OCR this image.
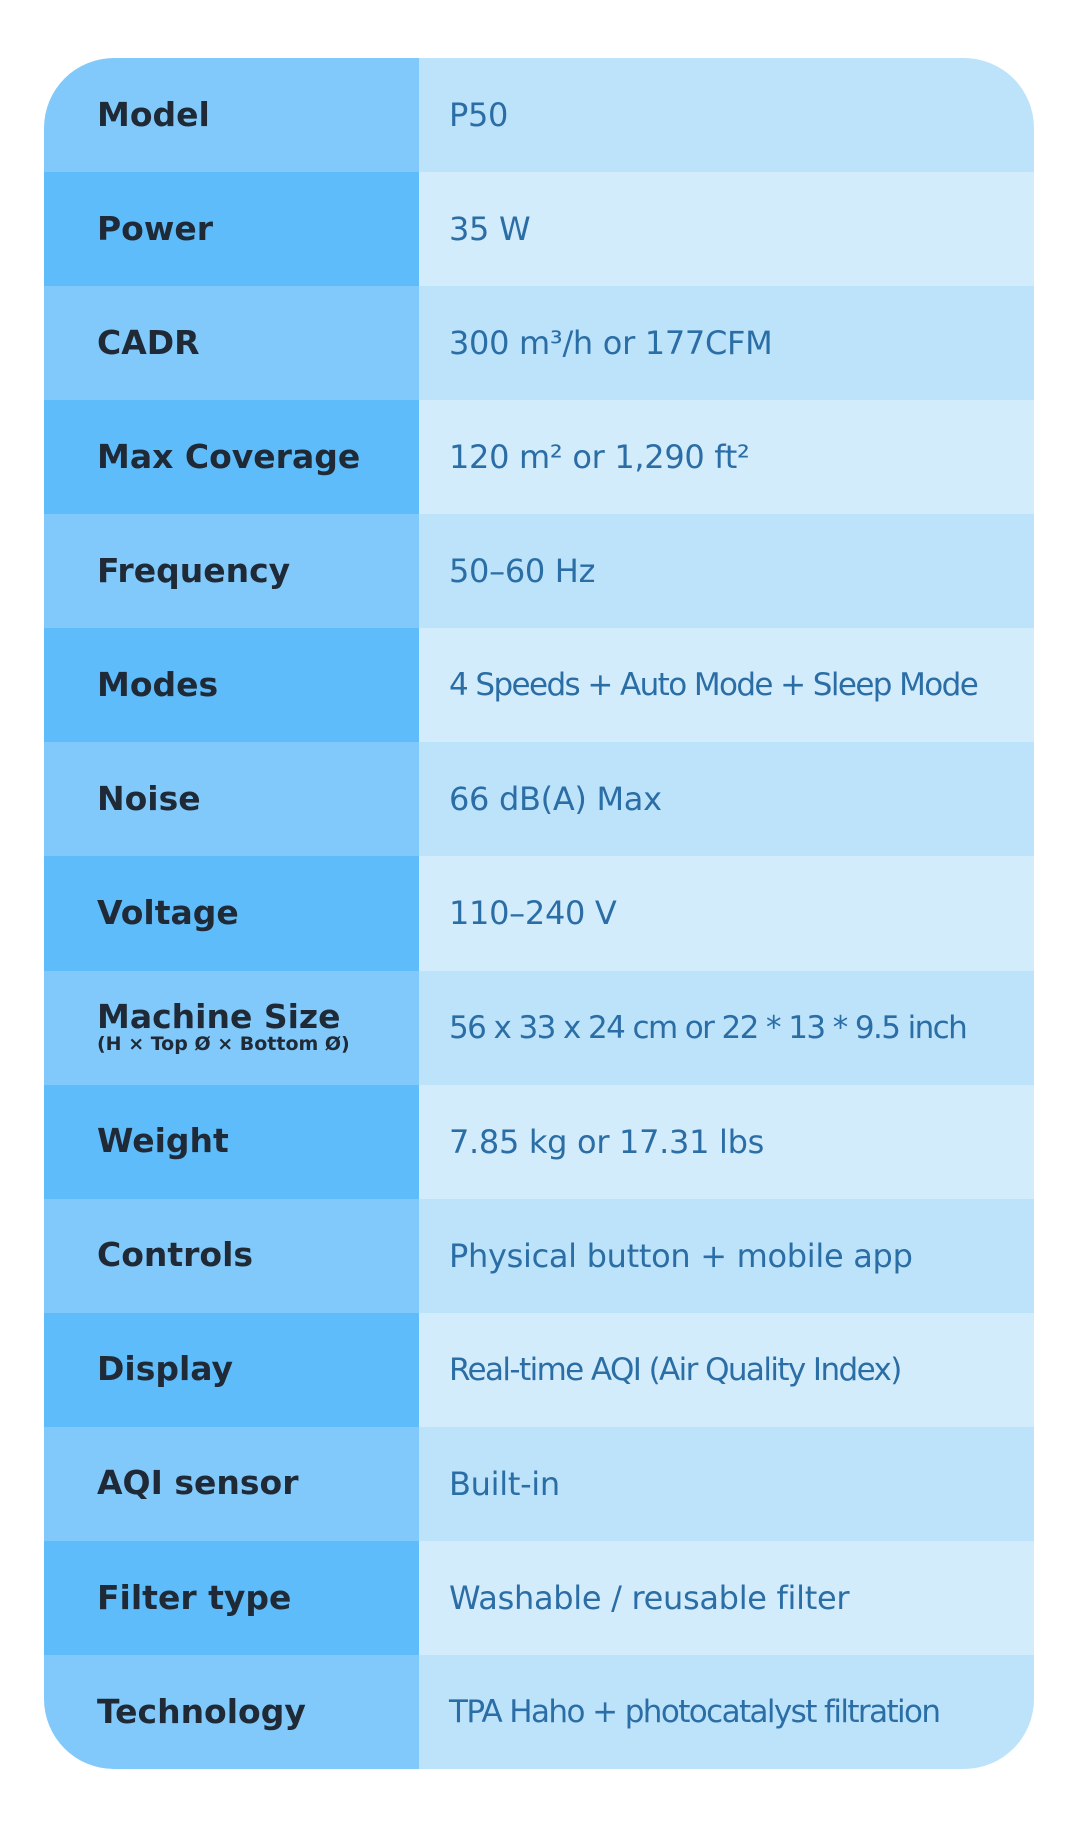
Model	P50
Power	35 W
CADR	300 m³/h or 177CFM
Max Coverage	120 m² or 1,290 ft²
Frequency	50–60 Hz
Modes	4 Speeds + Auto Mode + Sleep Mode
Noise	66 dB(A) Max
Voltage	110–240 V
Machine Size
(H × Top Ø × Bottom Ø)	56 x 33 x 24 cm or 22 * 13 * 9.5 inch
Weight	7.85 kg or 17.31 lbs
Controls	Physical button + mobile app
Display	Real-time AQI (Air Quality Index)
AQI sensor	Built-in
Filter type	Washable / reusable filter
Technology	TPA Haho + photocatalyst filtration
